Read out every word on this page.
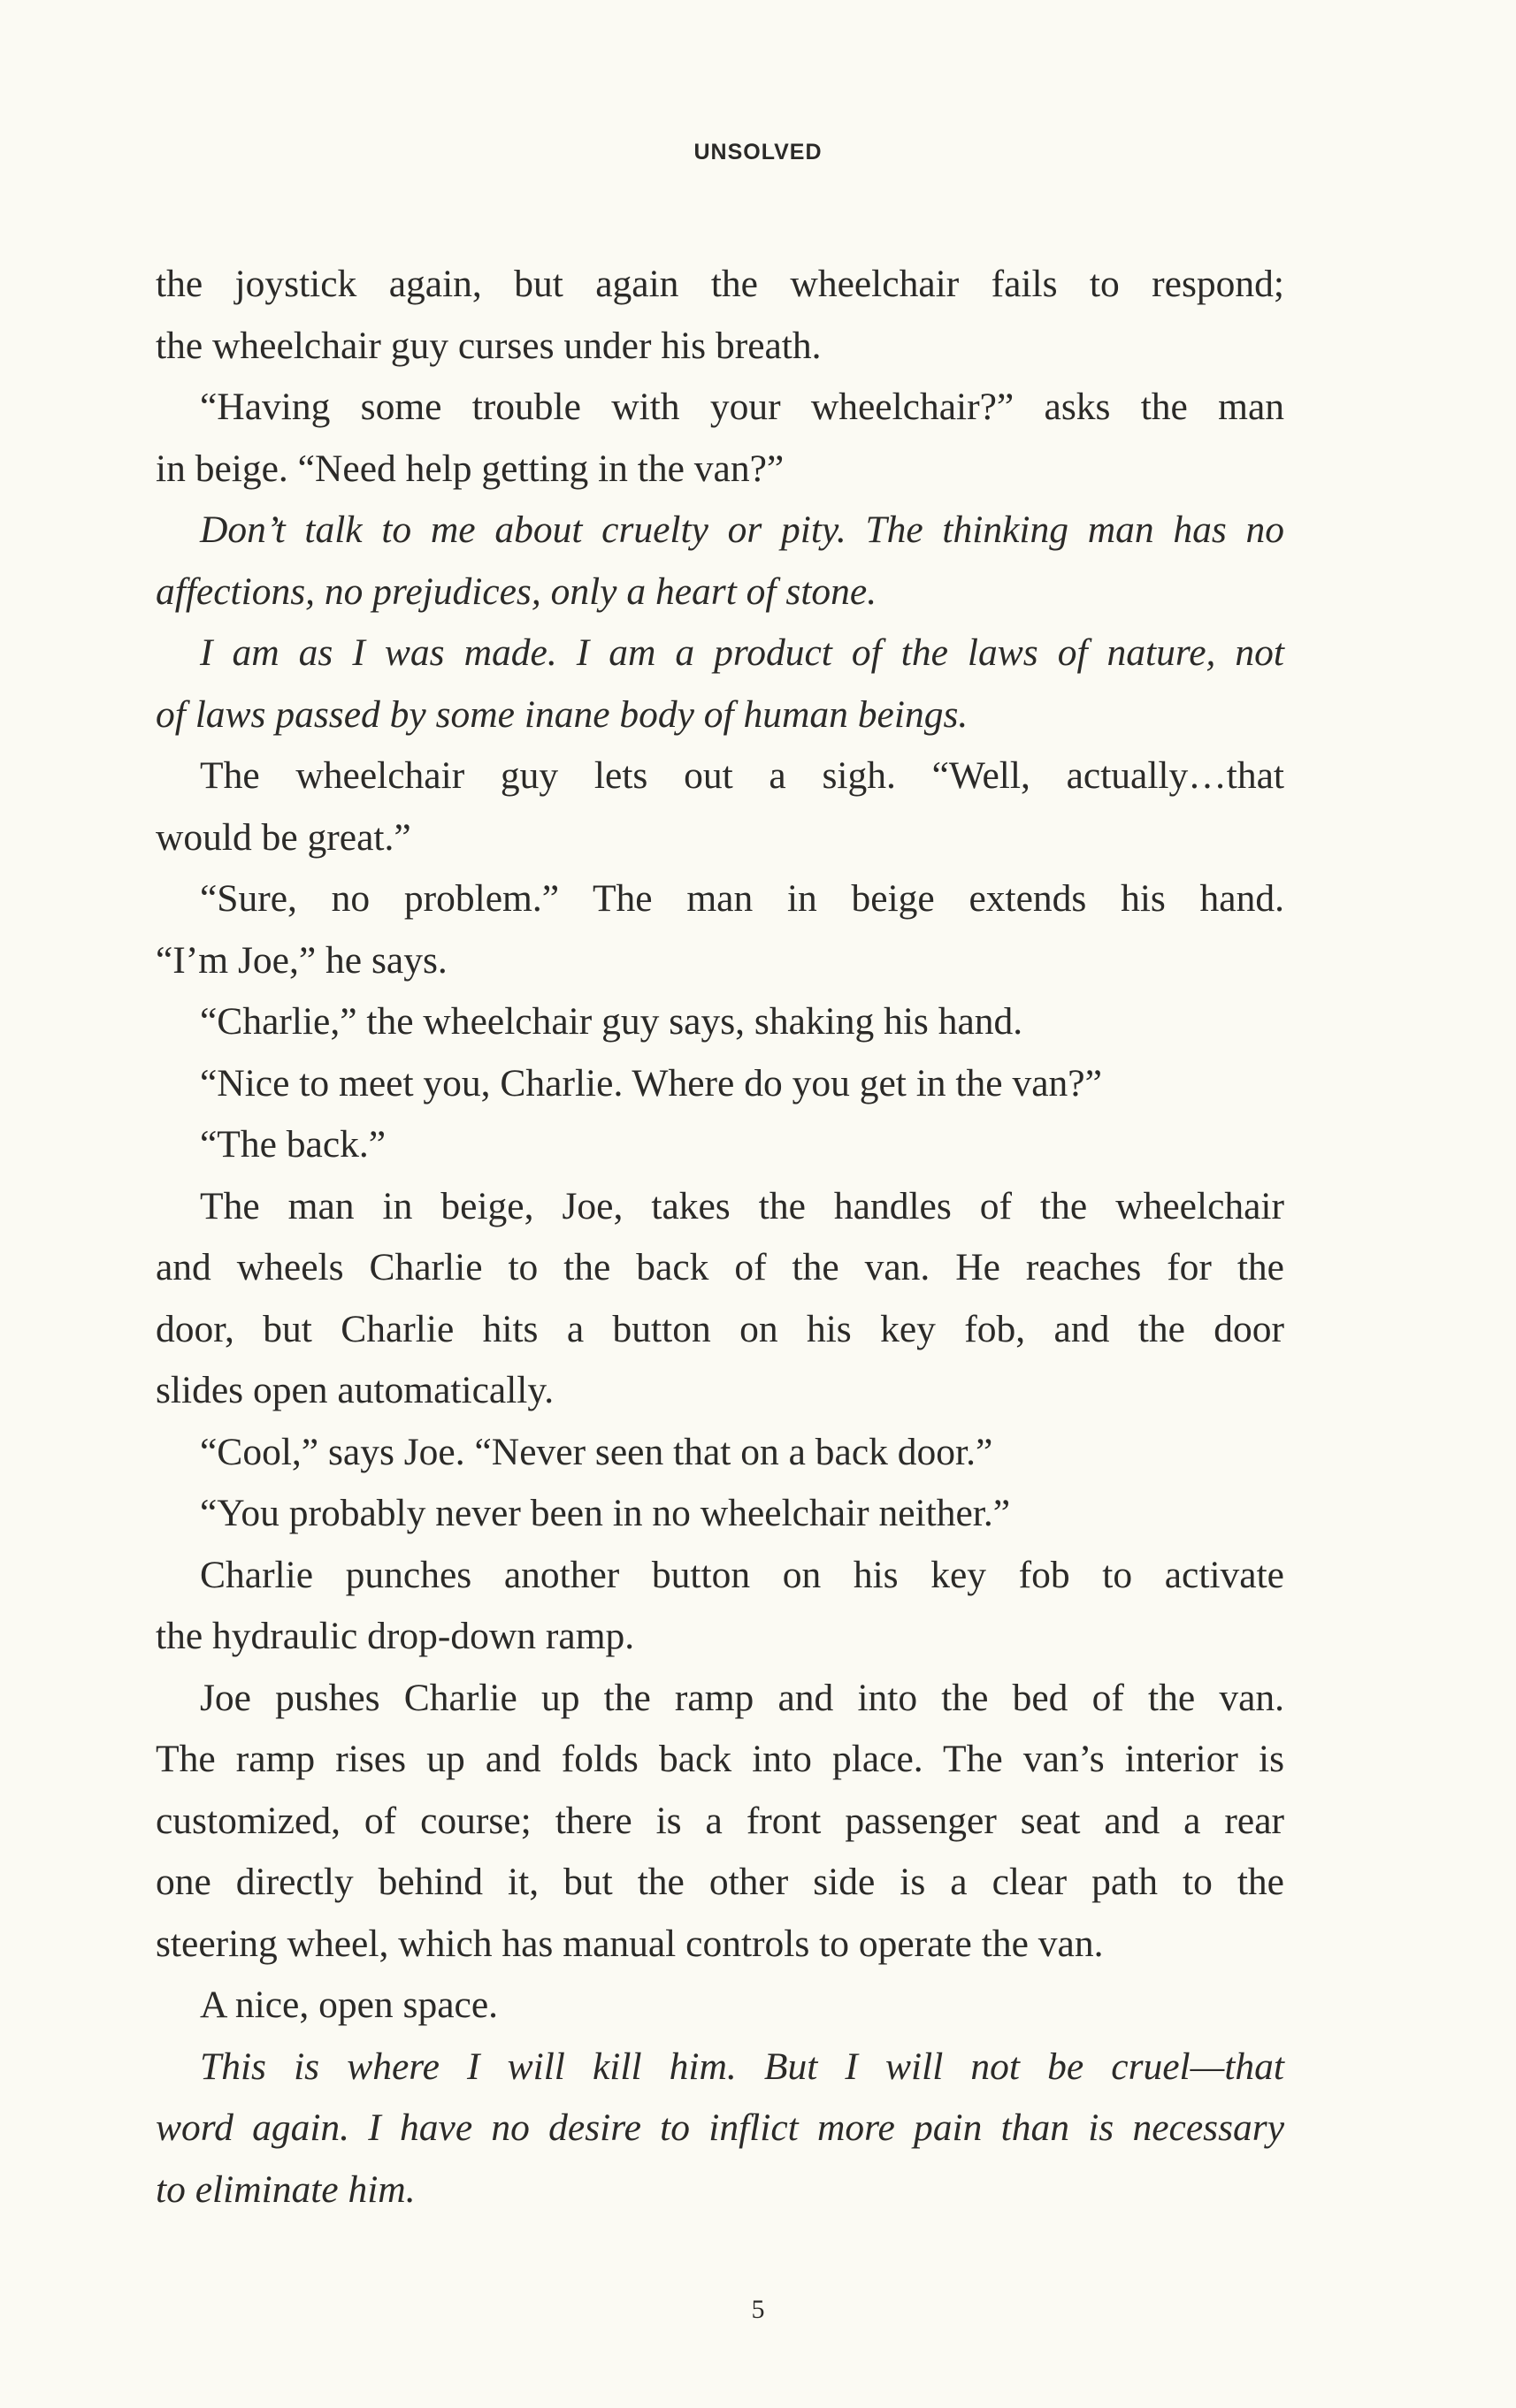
UNSOLVED
the joystick again, but again the wheelchair fails to respond;
the wheelchair guy curses under his breath.
“Having some trouble with your wheelchair?” asks the man
in beige. “Need help getting in the van?”
Don’t talk to me about cruelty or pity. The thinking man has no
affections, no prejudices, only a heart of stone.
I am as I was made. I am a product of the laws of nature, not
of laws passed by some inane body of human beings.
The wheelchair guy lets out a sigh. “Well, actually…that
would be great.”
“Sure, no problem.” The man in beige extends his hand.
“I’m Joe,” he says.
“Charlie,” the wheelchair guy says, shaking his hand.
“Nice to meet you, Charlie. Where do you get in the van?”
“The back.”
The man in beige, Joe, takes the handles of the wheelchair
and wheels Charlie to the back of the van. He reaches for the
door, but Charlie hits a button on his key fob, and the door
slides open automatically.
“Cool,” says Joe. “Never seen that on a back door.”
“You probably never been in no wheelchair neither.”
Charlie punches another button on his key fob to activate
the hydraulic drop-down ramp.
Joe pushes Charlie up the ramp and into the bed of the van.
The ramp rises up and folds back into place. The van’s interior is
customized, of course; there is a front passenger seat and a rear
one directly behind it, but the other side is a clear path to the
steering wheel, which has manual controls to operate the van.
A nice, open space.
This is where I will kill him. But I will not be cruel—that
word again. I have no desire to inflict more pain than is necessary
to eliminate him.
5
